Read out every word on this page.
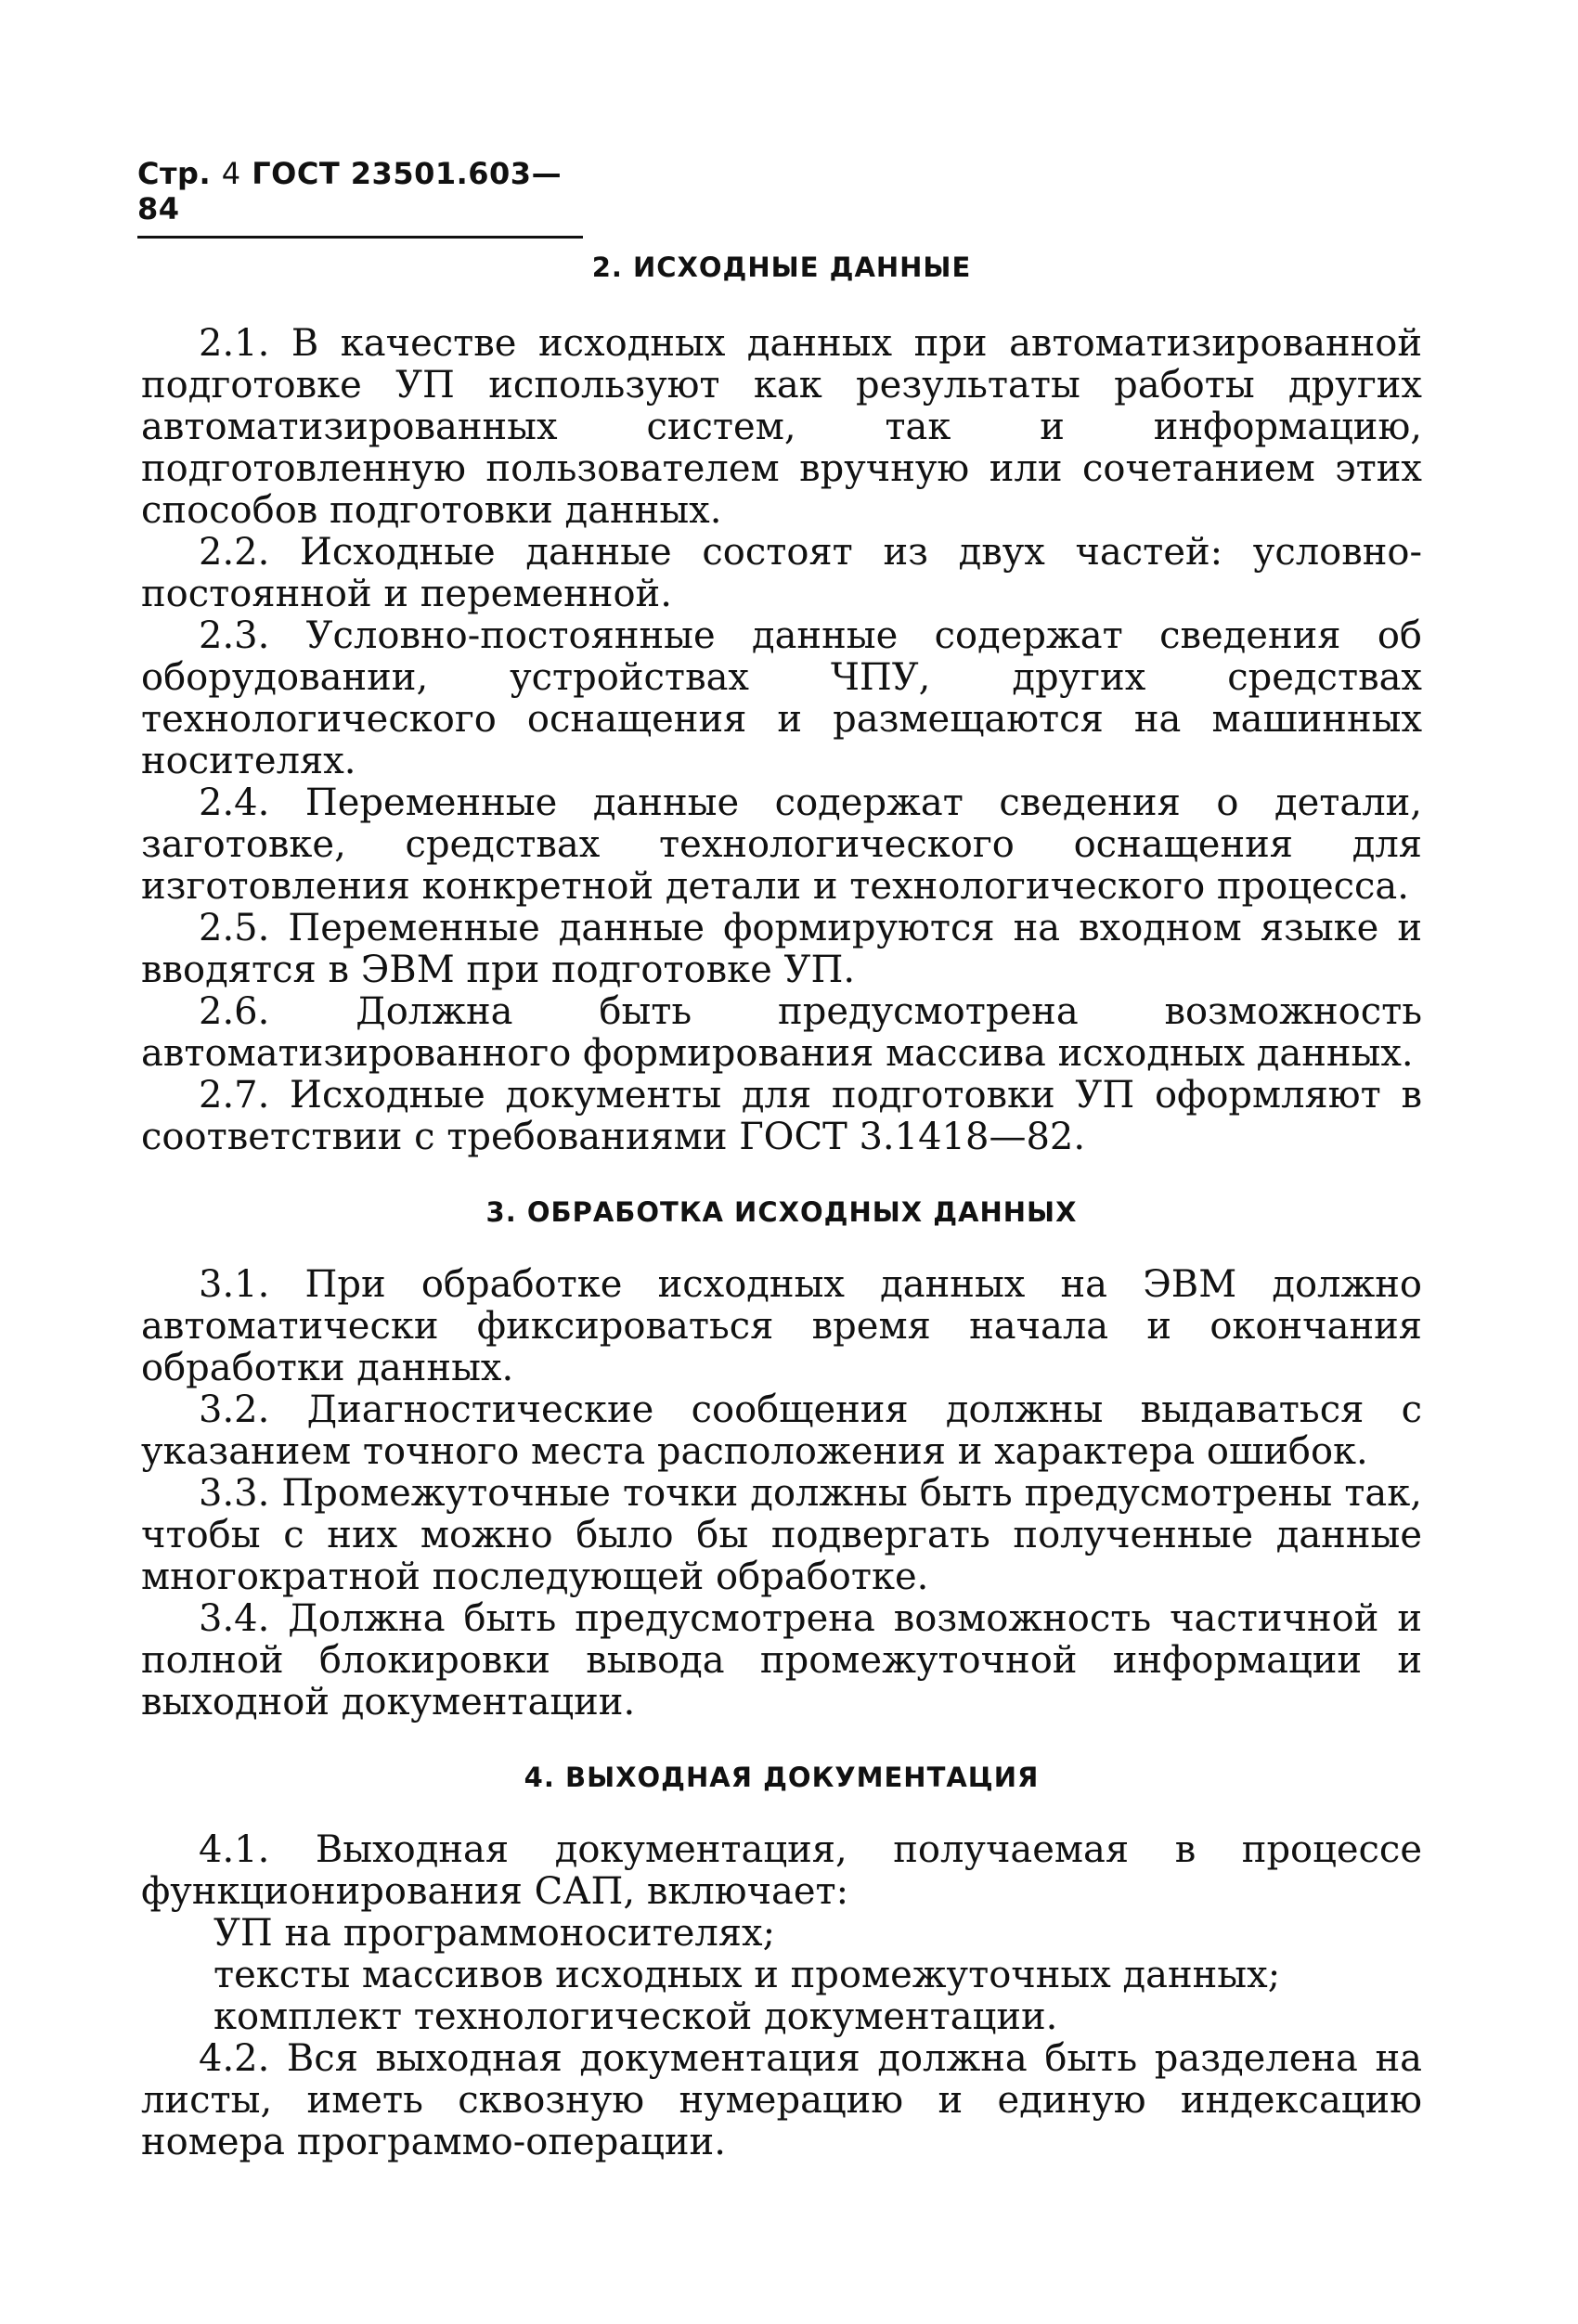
Стр. 4 ГОСТ 23501.603—84
2. ИСХОДНЫЕ ДАННЫЕ

2.1. В качестве исходных данных при автоматизированной подготовке УП используют как результаты работы других автоматизированных систем, так и информацию, подготовленную пользователем вручную или сочетанием этих способов подготовки данных.

2.2. Исходные данные состоят из двух частей: условно-постоянной и переменной.

2.3. Условно-постоянные данные содержат сведения об оборудовании, устройствах ЧПУ, других средствах технологического оснащения и размещаются на машинных носителях.

2.4. Переменные данные содержат сведения о детали, заготовке, средствах технологического оснащения для изготовления конкретной детали и технологического процесса.

2.5. Переменные данные формируются на входном языке и вводятся в ЭВМ при подготовке УП.

2.6. Должна быть предусмотрена возможность автоматизированного формирования массива исходных данных.

2.7. Исходные документы для подготовки УП оформляют в соответствии с требованиями ГОСТ 3.1418—82.

3. ОБРАБОТКА ИСХОДНЫХ ДАННЫХ

3.1. При обработке исходных данных на ЭВМ должно автоматически фиксироваться время начала и окончания обработки данных.

3.2. Диагностические сообщения должны выдаваться с указанием точного места расположения и характера ошибок.

3.3. Промежуточные точки должны быть предусмотрены так, чтобы с них можно было бы подвергать полученные данные многократной последующей обработке.

3.4. Должна быть предусмотрена возможность частичной и полной блокировки вывода промежуточной информации и выходной документации.

4. ВЫХОДНАЯ ДОКУМЕНТАЦИЯ

4.1. Выходная документация, получаемая в процессе функционирования САП, включает:

УП на программоносителях;

тексты массивов исходных и промежуточных данных;

комплект технологической документации.

4.2. Вся выходная документация должна быть разделена на листы, иметь сквозную нумерацию и единую индексацию номера программо-операции.
